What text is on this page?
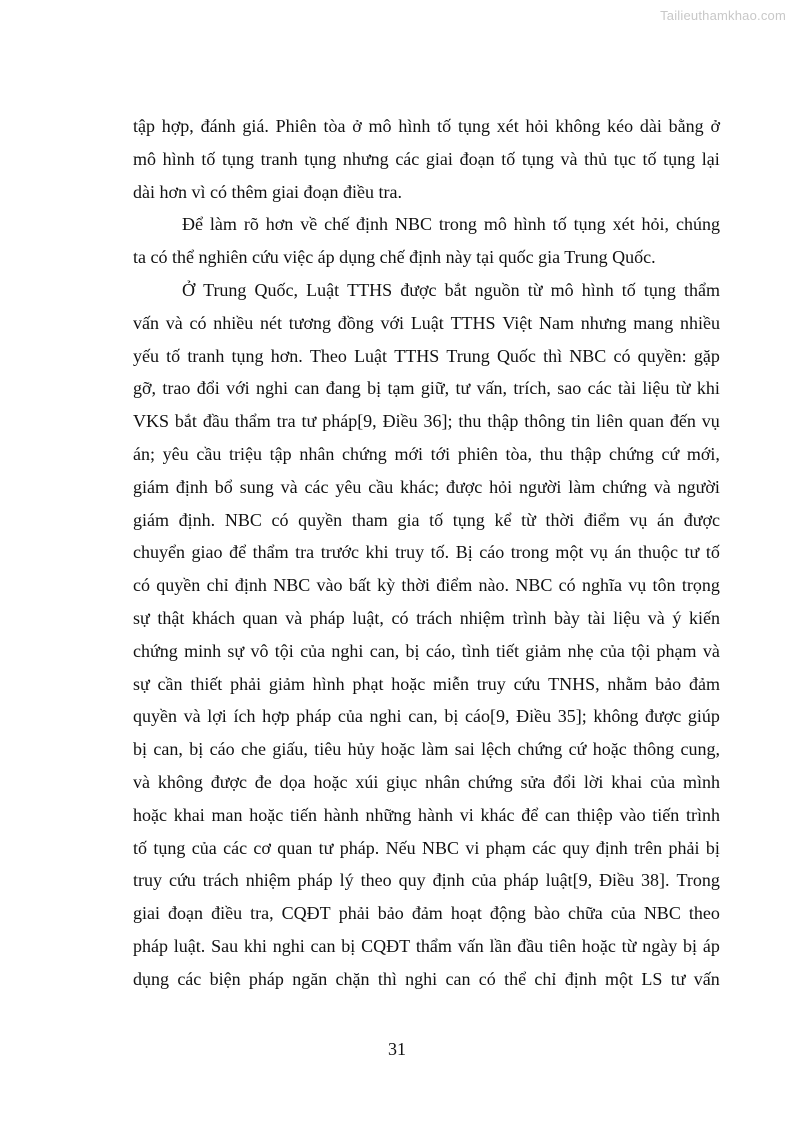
Tailieuthamkhao.com
tập hợp, đánh giá. Phiên tòa ở mô hình tố tụng xét hỏi không kéo dài bằng ở
mô hình tố tụng tranh tụng nhưng các giai đoạn tố tụng và thủ tục tố tụng lại
dài hơn vì có thêm giai đoạn điều tra.
Để làm rõ hơn về chế định NBC trong mô hình tố tụng xét hỏi, chúng
ta có thể nghiên cứu việc áp dụng chế định này tại quốc gia Trung Quốc.
Ở Trung Quốc, Luật TTHS được bắt nguồn từ mô hình tố tụng thẩm
vấn và có nhiều nét tương đồng với Luật TTHS Việt Nam nhưng mang nhiều
yếu tố tranh tụng hơn. Theo Luật TTHS Trung Quốc thì NBC có quyền: gặp
gỡ, trao đổi với nghi can đang bị tạm giữ, tư vấn, trích, sao các tài liệu từ khi
VKS bắt đầu thẩm tra tư pháp[9, Điều 36]; thu thập thông tin liên quan đến vụ
án; yêu cầu triệu tập nhân chứng mới tới phiên tòa, thu thập chứng cứ mới,
giám định bổ sung và các yêu cầu khác; được hỏi người làm chứng và người
giám định. NBC có quyền tham gia tố tụng kể từ thời điểm vụ án được
chuyển giao để thẩm tra trước khi truy tố. Bị cáo trong một vụ án thuộc tư tố
có quyền chỉ định NBC vào bất kỳ thời điểm nào. NBC có nghĩa vụ tôn trọng
sự thật khách quan và pháp luật, có trách nhiệm trình bày tài liệu và ý kiến
chứng minh sự vô tội của nghi can, bị cáo, tình tiết giảm nhẹ của tội phạm và
sự cần thiết phải giảm hình phạt hoặc miễn truy cứu TNHS, nhằm bảo đảm
quyền và lợi ích hợp pháp của nghi can, bị cáo[9, Điều 35]; không được giúp
bị can, bị cáo che giấu, tiêu hủy hoặc làm sai lệch chứng cứ hoặc thông cung,
và không được đe dọa hoặc xúi giục nhân chứng sửa đổi lời khai của mình
hoặc khai man hoặc tiến hành những hành vi khác để can thiệp vào tiến trình
tố tụng của các cơ quan tư pháp. Nếu NBC vi phạm các quy định trên phải bị
truy cứu trách nhiệm pháp lý theo quy định của pháp luật[9, Điều 38]. Trong
giai đoạn điều tra, CQĐT phải bảo đảm hoạt động bào chữa của NBC theo
pháp luật. Sau khi nghi can bị CQĐT thẩm vấn lần đầu tiên hoặc từ ngày bị áp
dụng các biện pháp ngăn chặn thì nghi can có thể chỉ định một LS tư vấn
31
